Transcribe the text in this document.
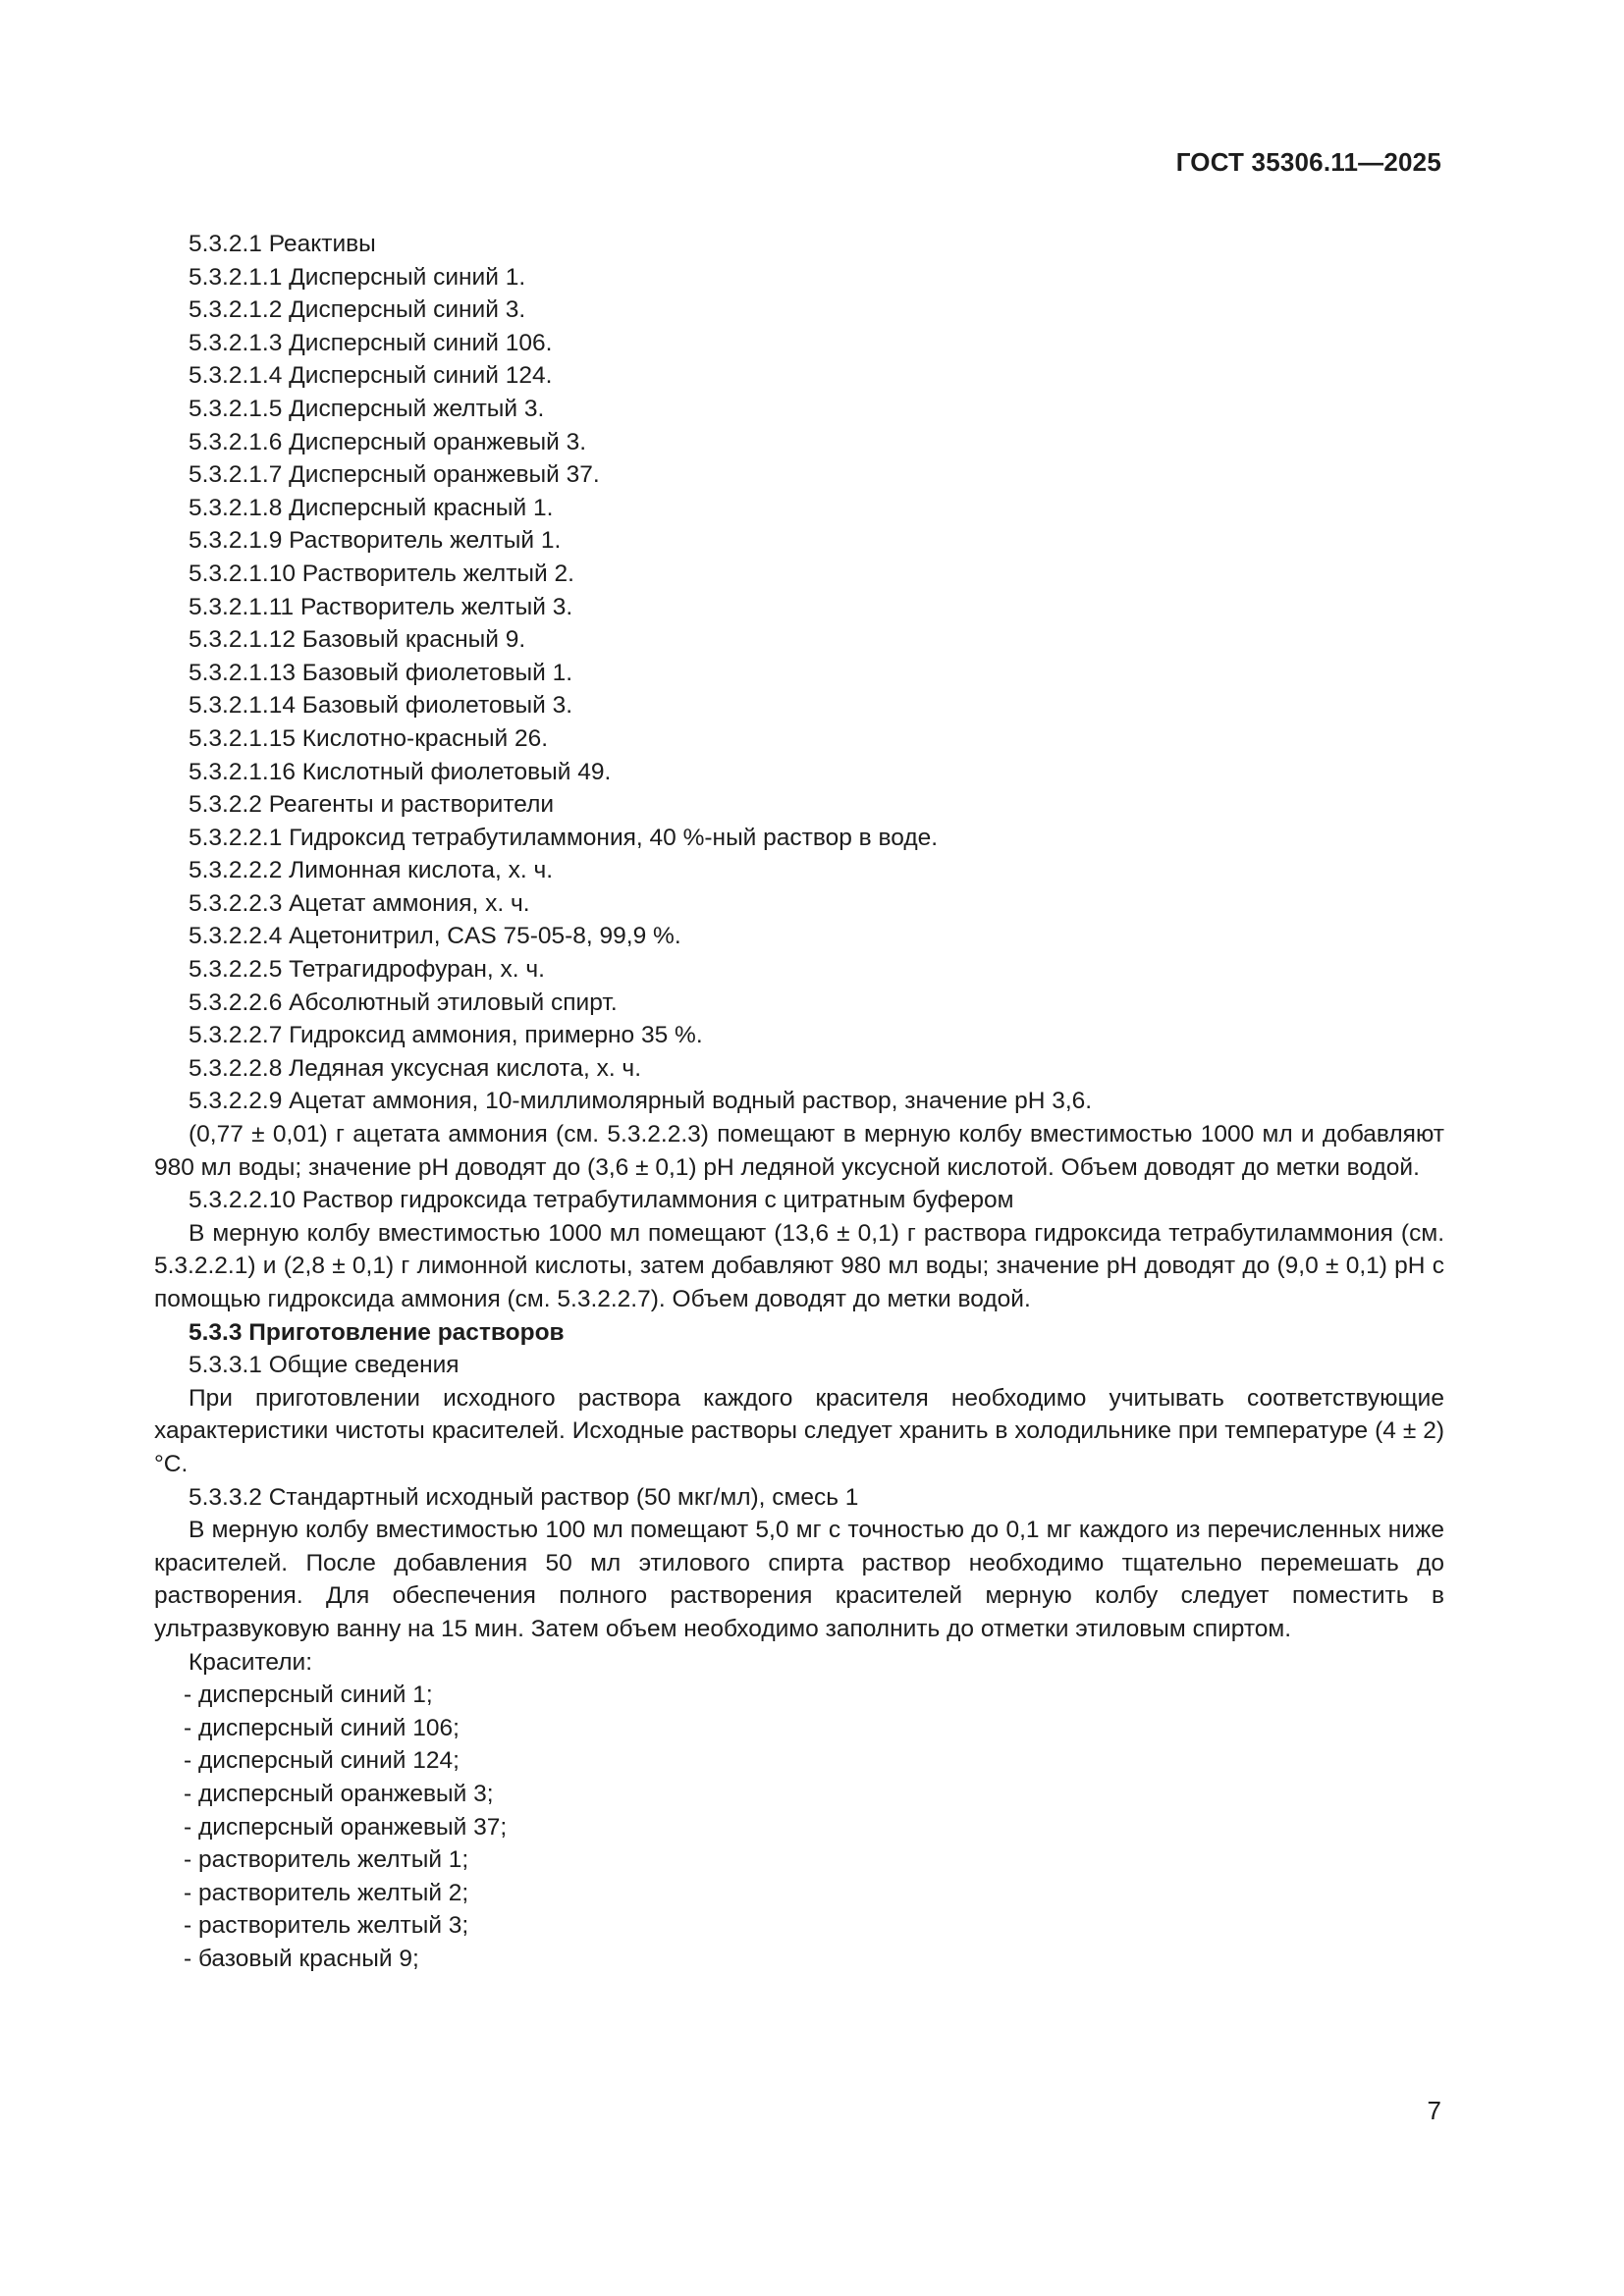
ГОСТ 35306.11—2025

5.3.2.1 Реактивы

5.3.2.1.1 Дисперсный синий 1.

5.3.2.1.2 Дисперсный синий 3.

5.3.2.1.3 Дисперсный синий 106.

5.3.2.1.4 Дисперсный синий 124.

5.3.2.1.5 Дисперсный желтый 3.

5.3.2.1.6 Дисперсный оранжевый 3.

5.3.2.1.7 Дисперсный оранжевый 37.

5.3.2.1.8 Дисперсный красный 1.

5.3.2.1.9 Растворитель желтый 1.

5.3.2.1.10 Растворитель желтый 2.

5.3.2.1.11 Растворитель желтый 3.

5.3.2.1.12 Базовый красный 9.

5.3.2.1.13 Базовый фиолетовый 1.

5.3.2.1.14 Базовый фиолетовый 3.

5.3.2.1.15 Кислотно-красный 26.

5.3.2.1.16 Кислотный фиолетовый 49.

5.3.2.2 Реагенты и растворители

5.3.2.2.1 Гидроксид тетрабутиламмония, 40 %-ный раствор в воде.

5.3.2.2.2 Лимонная кислота, х. ч.

5.3.2.2.3 Ацетат аммония, х. ч.

5.3.2.2.4 Ацетонитрил, CAS 75-05-8, 99,9 %.

5.3.2.2.5 Тетрагидрофуран, х. ч.

5.3.2.2.6 Абсолютный этиловый спирт.

5.3.2.2.7 Гидроксид аммония, примерно 35 %.

5.3.2.2.8 Ледяная уксусная кислота, х. ч.

5.3.2.2.9 Ацетат аммония, 10-миллимолярный водный раствор, значение pH 3,6.

(0,77 ± 0,01) г ацетата аммония (см. 5.3.2.2.3) помещают в мерную колбу вместимостью 1000 мл и добавляют 980 мл воды; значение pH доводят до (3,6 ± 0,1) pH ледяной уксусной кислотой. Объем доводят до метки водой.

5.3.2.2.10 Раствор гидроксида тетрабутиламмония с цитратным буфером

В мерную колбу вместимостью 1000 мл помещают (13,6 ± 0,1) г раствора гидроксида тетрабутиламмония (см. 5.3.2.2.1) и (2,8 ± 0,1) г лимонной кислоты, затем добавляют 980 мл воды; значение pH доводят до (9,0 ± 0,1) pH с помощью гидроксида аммония (см. 5.3.2.2.7). Объем доводят до метки водой.

5.3.3 Приготовление растворов

5.3.3.1 Общие сведения

При приготовлении исходного раствора каждого красителя необходимо учитывать соответствующие характеристики чистоты красителей. Исходные растворы следует хранить в холодильнике при температуре (4 ± 2) °С.

5.3.3.2 Стандартный исходный раствор (50 мкг/мл), смесь 1

В мерную колбу вместимостью 100 мл помещают 5,0 мг с точностью до 0,1 мг каждого из перечисленных ниже красителей. После добавления 50 мл этилового спирта раствор необходимо тщательно перемешать до растворения. Для обеспечения полного растворения красителей мерную колбу следует поместить в ультразвуковую ванну на 15 мин. Затем объем необходимо заполнить до отметки этиловым спиртом.

Красители:

- дисперсный синий 1;

- дисперсный синий 106;

- дисперсный синий 124;

- дисперсный оранжевый 3;

- дисперсный оранжевый 37;

- растворитель желтый 1;

- растворитель желтый 2;

- растворитель желтый 3;

- базовый красный 9;

7
